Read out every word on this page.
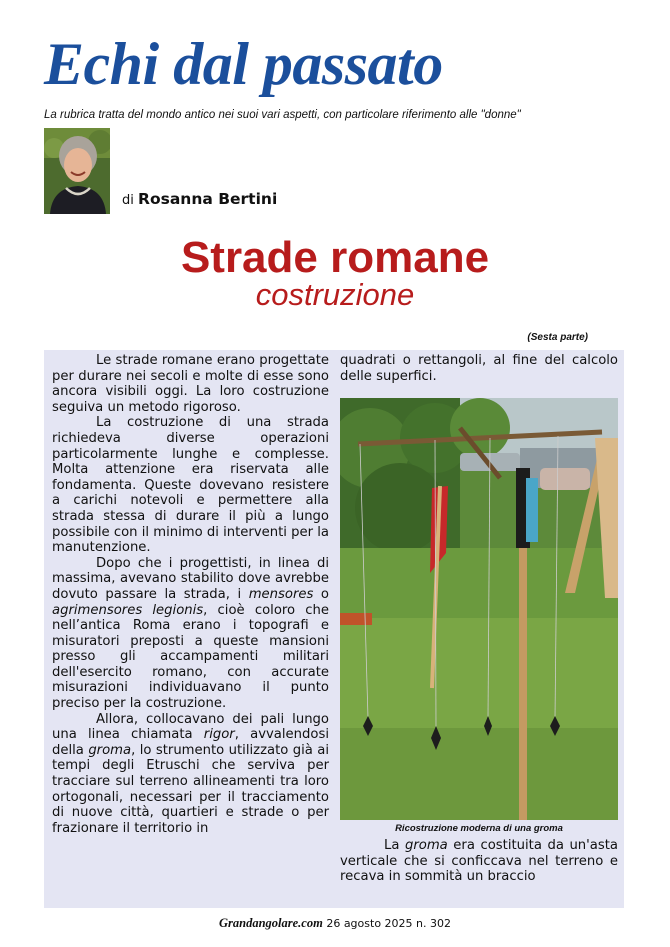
Echi dal passato
La rubrica tratta del mondo antico nei suoi vari aspetti, con particolare riferimento alle "donne"
di Rosanna Bertini
Strade romane
costruzione
(Sesta parte)

Le strade romane erano progettate per durare nei secoli e molte di esse sono ancora visibili oggi. La loro costruzione seguiva un metodo rigoroso.

La costruzione di una strada richiedeva diverse operazioni particolarmente lunghe e complesse. Molta attenzione era riservata alle fondamenta. Queste dovevano resistere a carichi notevoli e permettere alla strada stessa di durare il più a lungo possibile con il minimo di interventi per la manutenzione.

Dopo che i progettisti, in linea di massima, avevano stabilito dove avrebbe dovuto passare la strada, i mensores o agrimensores legionis, cioè coloro che nell’antica Roma erano i topografi e misuratori preposti a queste mansioni presso gli accampamenti militari dell'esercito romano, con accurate misurazioni individuavano il punto preciso per la costruzione.

Allora, collocavano dei pali lungo una linea chiamata rigor, avvalendosi della groma, lo strumento utilizzato già ai tempi degli Etruschi che serviva per tracciare sul terreno allineamenti tra loro ortogonali, necessari per il tracciamento di nuove città, quartieri e strade o per frazionare il territorio in

quadrati o rettangoli, al fine del calcolo delle superfici.

Ricostruzione moderna di una groma

La groma era costituita da un'asta verticale che si conficcava nel terreno e recava in sommità un braccio

Grandangolare.com 26 agosto 2025 n. 302
